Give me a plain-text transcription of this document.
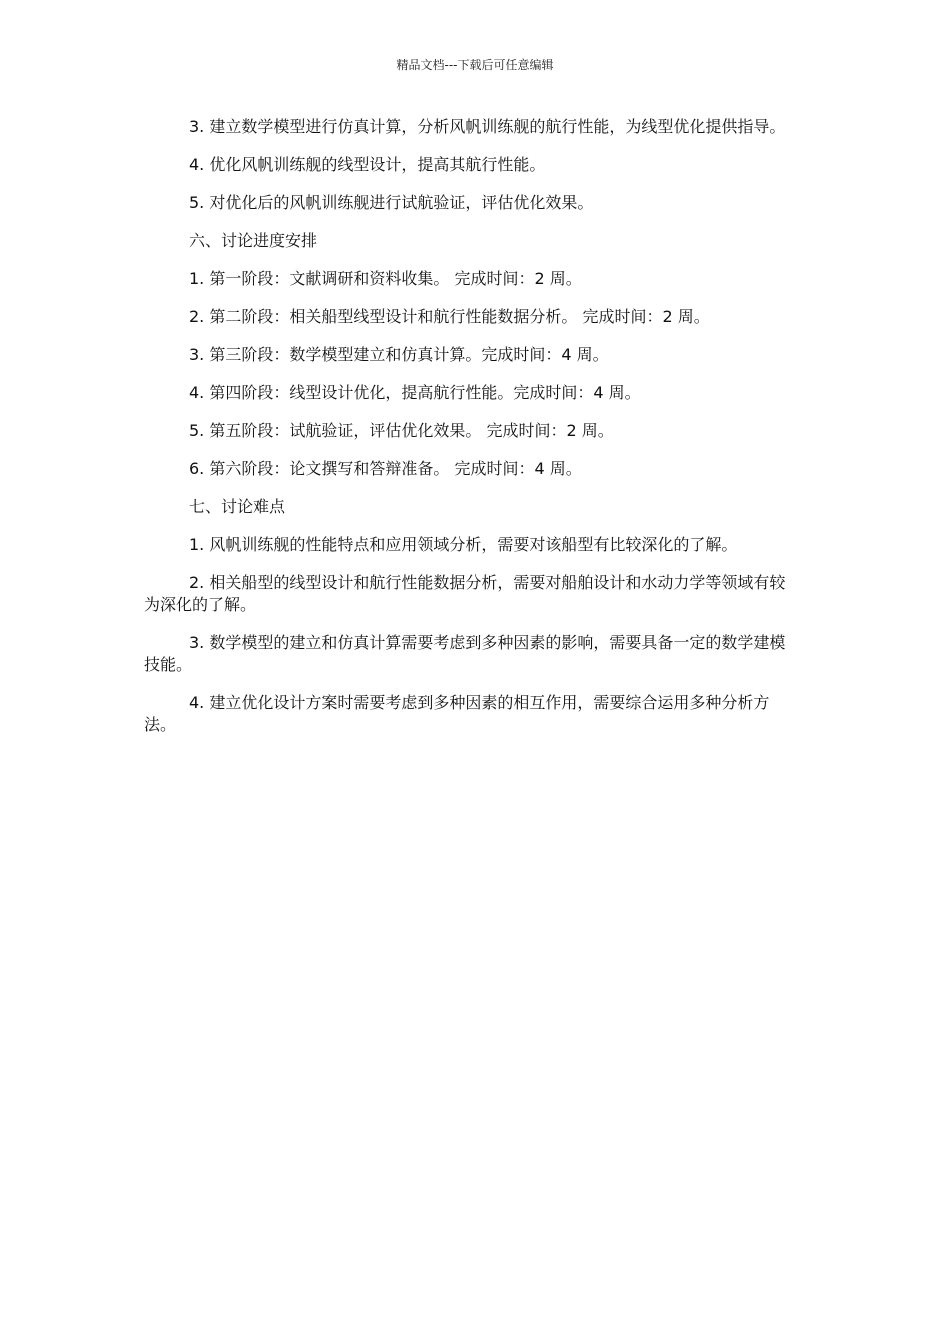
精品文档---下载后可任意编辑

3. 建立数学模型进行仿真计算，分析风帆训练舰的航行性能，为线型优化提供指导。

4. 优化风帆训练舰的线型设计，提高其航行性能。

5. 对优化后的风帆训练舰进行试航验证，评估优化效果。

六、讨论进度安排

1. 第一阶段：文献调研和资料收集。 完成时间：2 周。

2. 第二阶段：相关船型线型设计和航行性能数据分析。 完成时间：2 周。

3. 第三阶段：数学模型建立和仿真计算。完成时间：4 周。

4. 第四阶段：线型设计优化，提高航行性能。完成时间：4 周。

5. 第五阶段：试航验证，评估优化效果。 完成时间：2 周。

6. 第六阶段：论文撰写和答辩准备。 完成时间：4 周。

七、讨论难点

1. 风帆训练舰的性能特点和应用领域分析，需要对该船型有比较深化的了解。

2. 相关船型的线型设计和航行性能数据分析，需要对船舶设计和水动力学等领域有较为深化的了解。

3. 数学模型的建立和仿真计算需要考虑到多种因素的影响，需要具备一定的数学建模技能。

4. 建立优化设计方案时需要考虑到多种因素的相互作用，需要综合运用多种分析方法。
